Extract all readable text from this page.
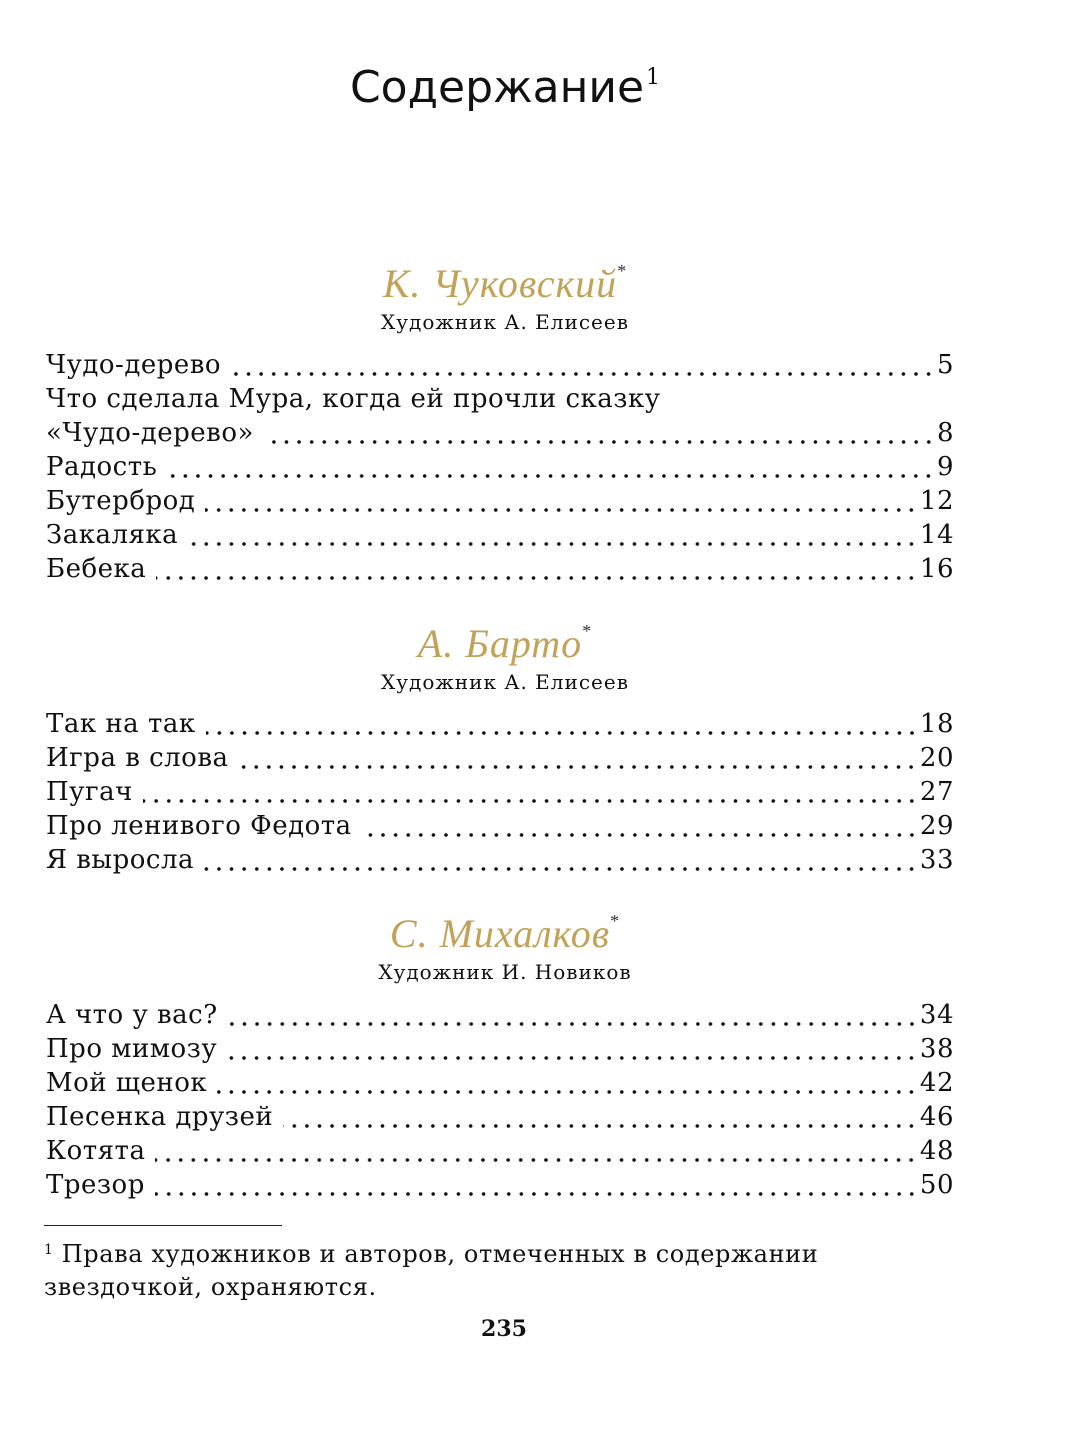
Содержание$^1$
К. Чуковский*
Художник А. Елисеев
Чудо-дерево	5
Что сделала Мура, когда ей прочли сказку
«Чудо-дерево»	8
Радость	9
Бутерброд	12
Закаляка	14
Бебека	16
А. Барто*
Художник А. Елисеев
Так на так	18
Игра в слова	20
Пугач	27
Про ленивого Федота	29
Я выросла	33
С. Михалков*
Художник И. Новиков
А что у вас?	34
Про мимозу	38
Мой щенок	42
Песенка друзей	46
Котята	48
Трезор	50
$^1$ Права художников и авторов, отмеченных в содержании звездочкой, охраняются.
235
